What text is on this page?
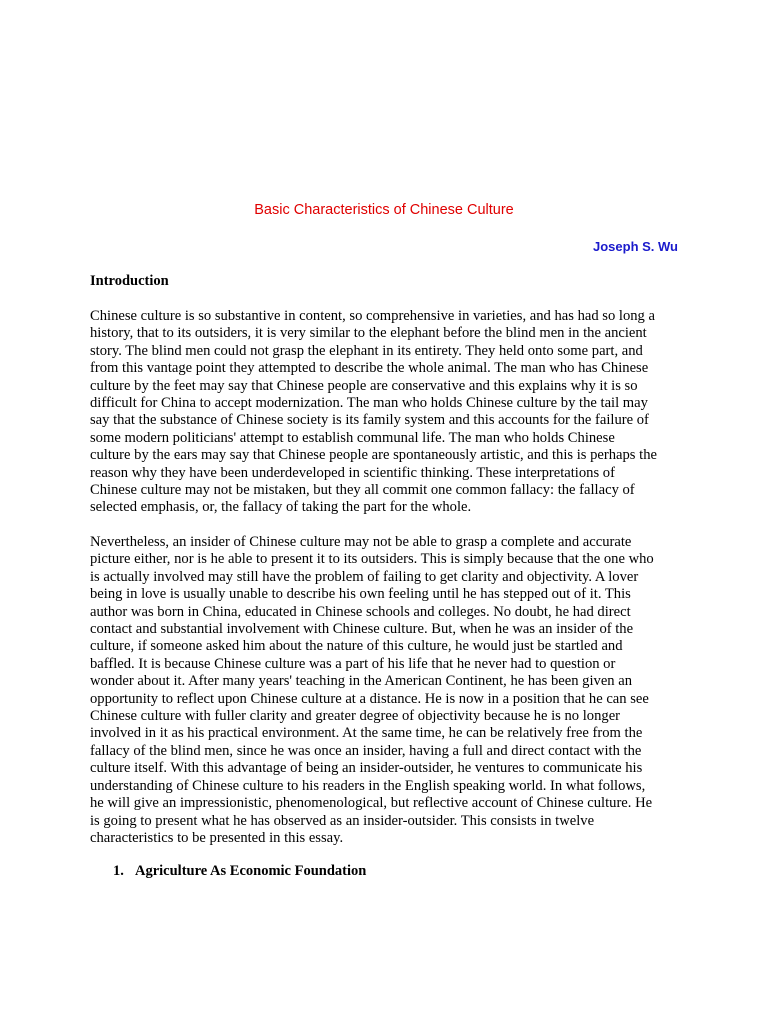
Basic Characteristics of Chinese Culture

Joseph S. Wu

Introduction

Chinese culture is so substantive in content, so comprehensive in varieties, and has had so long a
history, that to its outsiders, it is very similar to the elephant before the blind men in the ancient
story. The blind men could not grasp the elephant in its entirety. They held onto some part, and
from this vantage point they attempted to describe the whole animal. The man who has Chinese
culture by the feet may say that Chinese people are conservative and this explains why it is so
difficult for China to accept modernization. The man who holds Chinese culture by the tail may
say that the substance of Chinese society is its family system and this accounts for the failure of
some modern politicians' attempt to establish communal life. The man who holds Chinese
culture by the ears may say that Chinese people are spontaneously artistic, and this is perhaps the
reason why they have been underdeveloped in scientific thinking. These interpretations of
Chinese culture may not be mistaken, but they all commit one common fallacy: the fallacy of
selected emphasis, or, the fallacy of taking the part for the whole.

Nevertheless, an insider of Chinese culture may not be able to grasp a complete and accurate
picture either, nor is he able to present it to its outsiders. This is simply because that the one who
is actually involved may still have the problem of failing to get clarity and objectivity. A lover
being in love is usually unable to describe his own feeling until he has stepped out of it. This
author was born in China, educated in Chinese schools and colleges. No doubt, he had direct
contact and substantial involvement with Chinese culture. But, when he was an insider of the
culture, if someone asked him about the nature of this culture, he would just be startled and
baffled. It is because Chinese culture was a part of his life that he never had to question or
wonder about it. After many years' teaching in the American Continent, he has been given an
opportunity to reflect upon Chinese culture at a distance. He is now in a position that he can see
Chinese culture with fuller clarity and greater degree of objectivity because he is no longer
involved in it as his practical environment. At the same time, he can be relatively free from the
fallacy of the blind men, since he was once an insider, having a full and direct contact with the
culture itself. With this advantage of being an insider-outsider, he ventures to communicate his
understanding of Chinese culture to his readers in the English speaking world. In what follows,
he will give an impressionistic, phenomenological, but reflective account of Chinese culture. He
is going to present what he has observed as an insider-outsider. This consists in twelve
characteristics to be presented in this essay.

1. Agriculture As Economic Foundation
